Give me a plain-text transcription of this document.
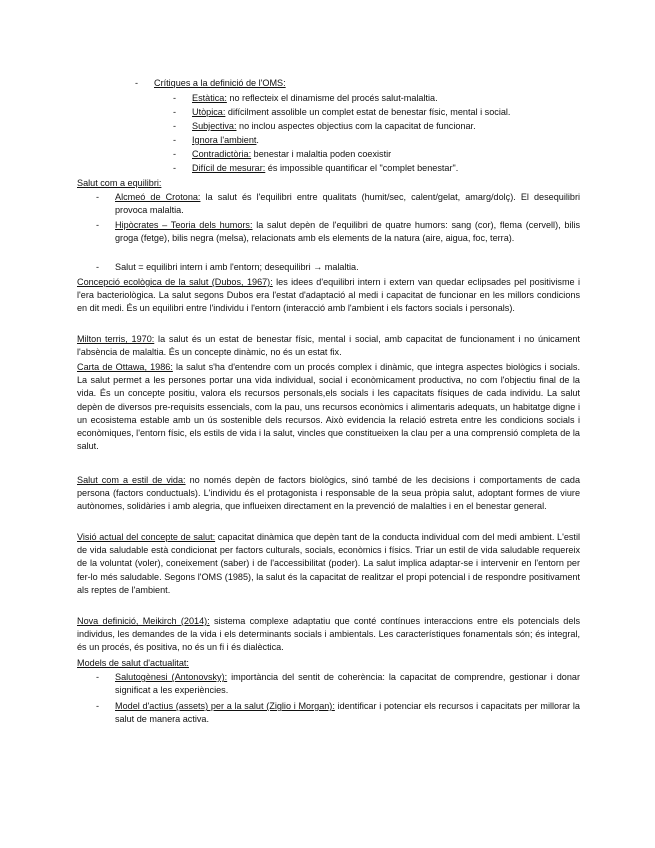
- Crítiques a la definició de l'OMS:
- Estàtica: no reflecteix el dinamisme del procés salut-malaltia.
- Utòpica: difícilment assolible un complet estat de benestar físic, mental i social.
- Subjectiva: no inclou aspectes objectius com la capacitat de funcionar.
- Ignora l'ambient.
- Contradictòria: benestar i malaltia poden coexistir
- Difícil de mesurar: és impossible quantificar el "complet benestar".
Salut com a equilibri:
- Alcmeó de Crotona: la salut és l'equilibri entre qualitats (humit/sec, calent/gelat, amarg/dolç). El desequilibri provoca malaltia.
- Hipòcrates – Teoria dels humors: la salut depèn de l'equilibri de quatre humors: sang (cor), flema (cervell), bilis groga (fetge), bilis negra (melsa), relacionats amb els elements de la natura (aire, aigua, foc, terra).
- Salut = equilibri intern i amb l'entorn; desequilibri → malaltia.
Concepció ecològica de la salut (Dubos, 1967): les idees d'equilibri intern i extern van quedar eclipsades pel positivisme i l'era bacteriològica. La salut segons Dubos era l'estat d'adaptació al medi i capacitat de funcionar en les millors condicions en dit medi. És un equilibri entre l'individu i l'entorn (interacció amb l'ambient i els factors socials i personals).
Milton terris, 1970: la salut és un estat de benestar físic, mental i social, amb capacitat de funcionament i no únicament l'absència de malaltia. És un concepte dinàmic, no és un estat fix.
Carta de Ottawa, 1986: la salut s'ha d'entendre com un procés complex i dinàmic, que integra aspectes biològics i socials. La salut permet a les persones portar una vida individual, social i econòmicament productiva, no com l'objectiu final de la vida. És un concepte positiu, valora els recursos personals,els socials i les capacitats físiques de cada individu. La salut depèn de diversos pre-requisits essencials, com la pau, uns recursos econòmics i alimentaris adequats, un habitatge digne i un ecosistema estable amb un ús sostenible dels recursos. Això evidencia la relació estreta entre les condicions socials i econòmiques, l'entorn físic, els estils de vida i la salut, vincles que constitueixen la clau per a una comprensió completa de la salut.
Salut com a estil de vida: no només depèn de factors biològics, sinó també de les decisions i comportaments de cada persona (factors conductuals). L'individu és el protagonista i responsable de la seua pròpia salut, adoptant formes de viure autònomes, solidàries i amb alegria, que influeixen directament en la prevenció de malalties i en el benestar general.
Visió actual del concepte de salut: capacitat dinàmica que depèn tant de la conducta individual com del medi ambient. L'estil de vida saludable està condicionat per factors culturals, socials, econòmics i físics. Triar un estil de vida saludable requereix de la voluntat (voler), coneixement (saber) i de l'accessibilitat (poder). La salut implica adaptar-se i intervenir en l'entorn per fer-lo més saludable. Segons l'OMS (1985), la salut és la capacitat de realitzar el propi potencial i de respondre positivament als reptes de l'ambient.
Nova definició, Meikirch (2014): sistema complexe adaptatiu que conté contínues interaccions entre els potencials dels individus, les demandes de la vida i els determinants socials i ambientals. Les característiques fonamentals són; és integral, és un procés, és positiva, no és un fi i és dialèctica.
Models de salut d'actualitat:
- Salutogènesi (Antonovsky): importància del sentit de coherència: la capacitat de comprendre, gestionar i donar significat a les experiències.
- Model d'actius (assets) per a la salut (Ziglio i Morgan): identificar i potenciar els recursos i capacitats per millorar la salut de manera activa.
